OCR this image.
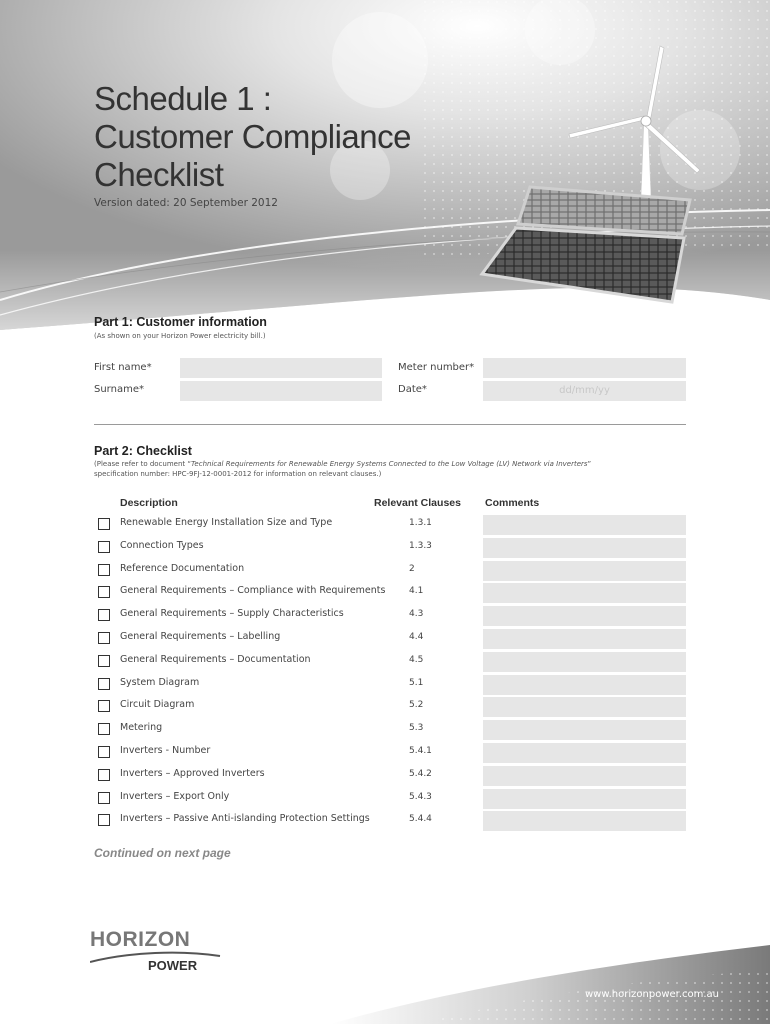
Schedule 1 :
Customer Compliance
Checklist
Version dated: 20 September 2012
Part 1: Customer information
(As shown on your Horizon Power electricity bill.)
First name*
Surname*
Meter number*
Date*	dd/mm/yy
Part 2: Checklist
(Please refer to document “Technical Requirements for Renewable Energy Systems Connected to the Low Voltage (LV) Network via Inverters”
specification number: HPC-9FJ-12-0001-2012 for information on relevant clauses.)
Description	Relevant Clauses Comments
Renewable Energy Installation Size and Type	1.3.1
Connection Types	1.3.3
Reference Documentation	2
General Requirements – Compliance with Requirements	4.1
General Requirements – Supply Characteristics	4.3
General Requirements – Labelling	4.4
General Requirements – Documentation	4.5
System Diagram	5.1
Circuit Diagram	5.2
Metering	5.3
Inverters - Number	5.4.1
Inverters – Approved Inverters	5.4.2
Inverters – Export Only	5.4.3
Inverters – Passive Anti-islanding Protection Settings	5.4.4
Continued on next page
HORIZON
POWER
www.horizonpower.com.au
